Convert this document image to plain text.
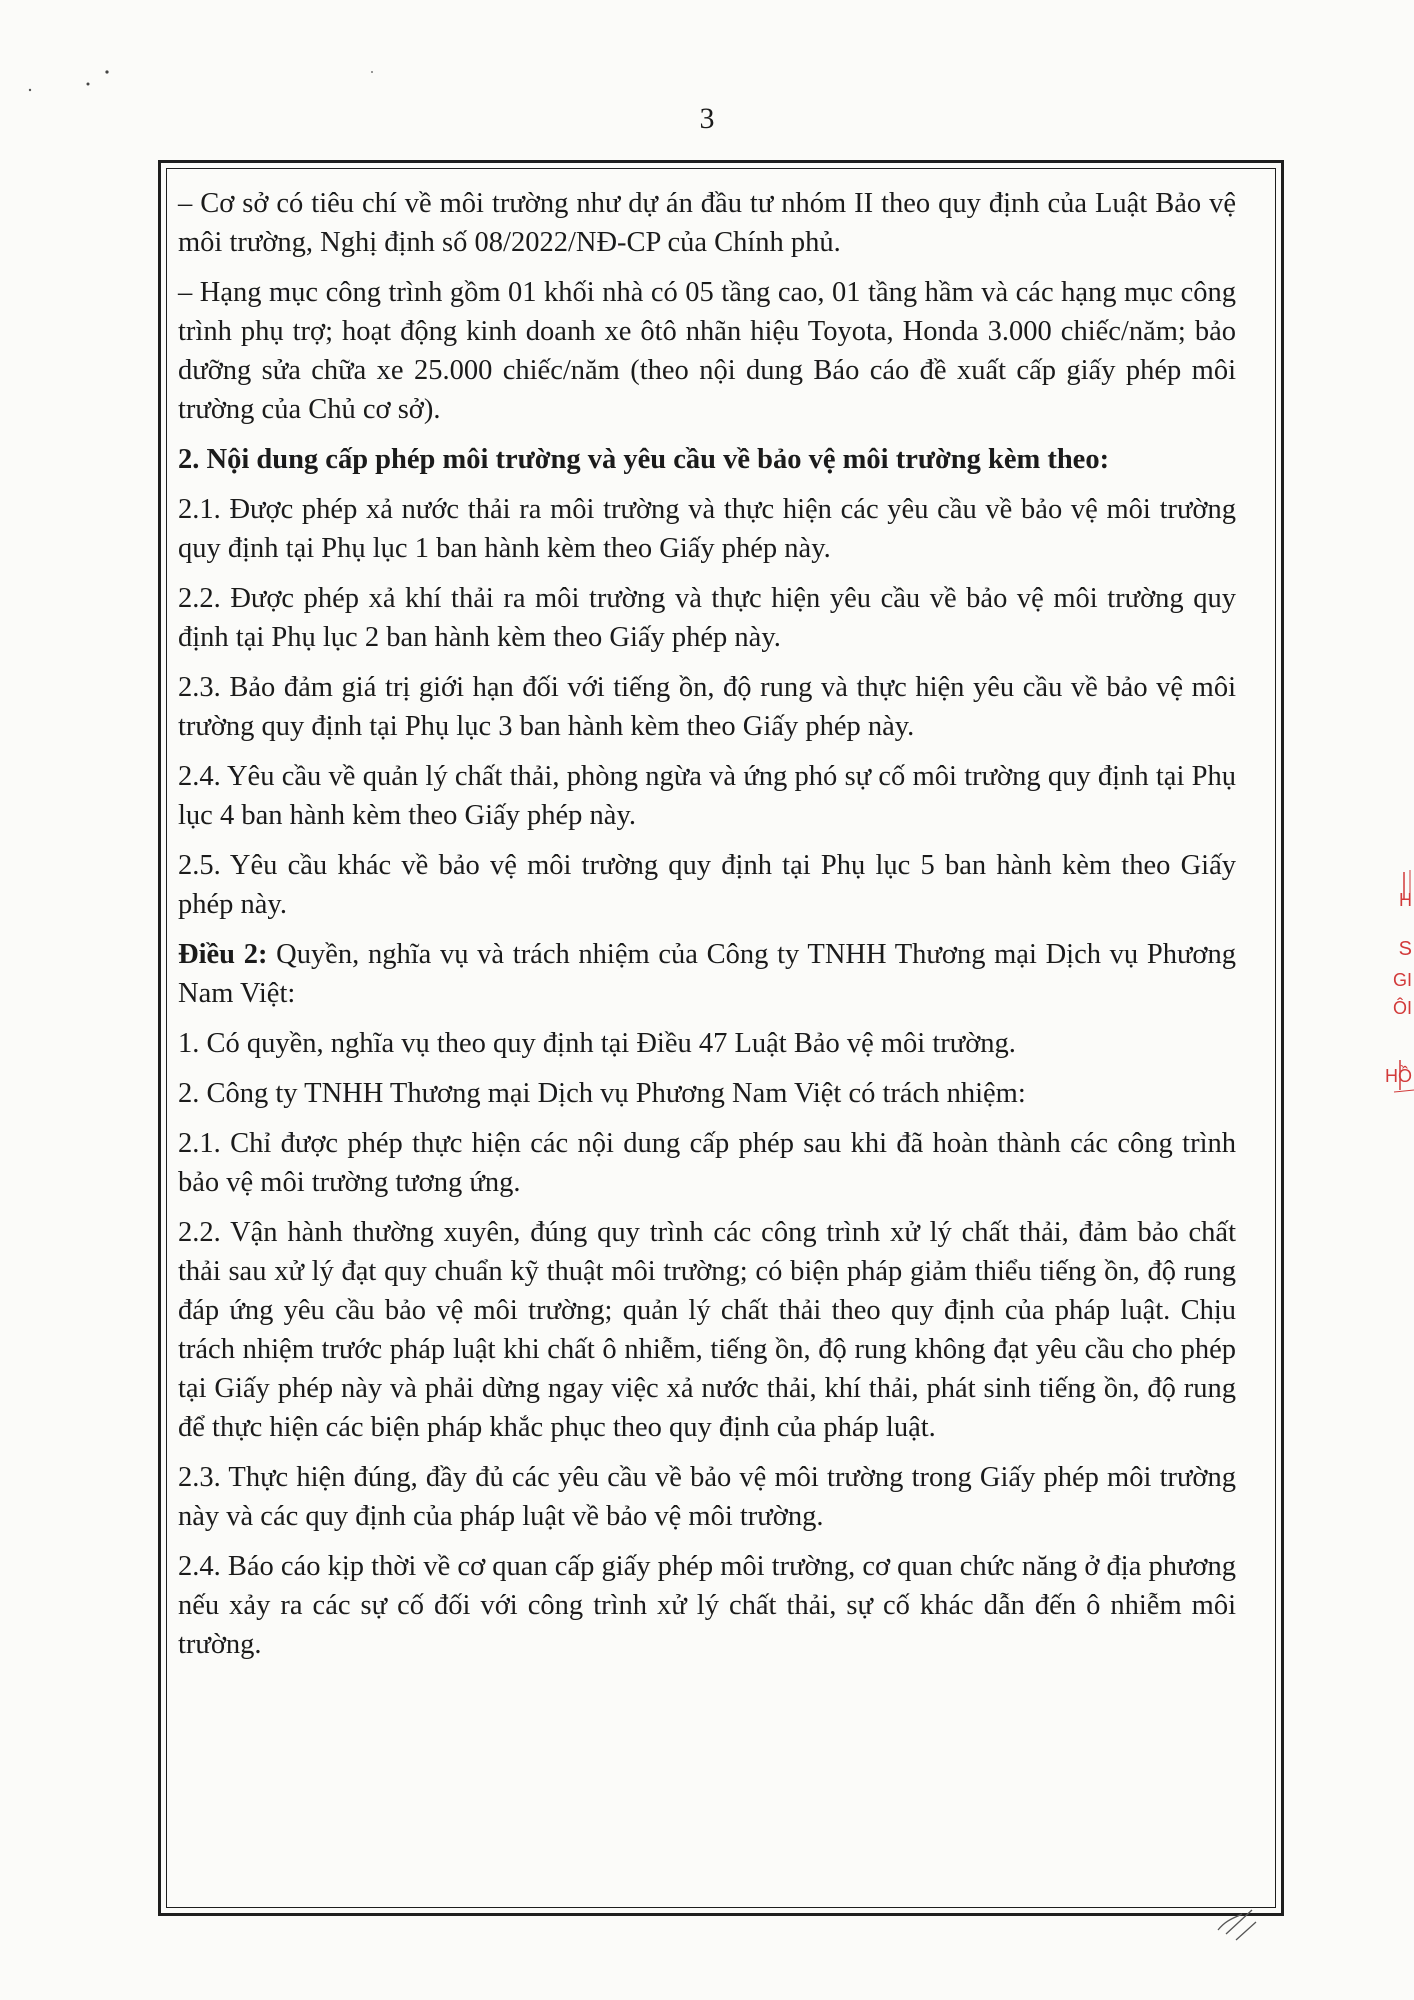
3

– Cơ sở có tiêu chí về môi trường như dự án đầu tư nhóm II theo quy định của Luật Bảo vệ môi trường, Nghị định số 08/2022/NĐ-CP của Chính phủ.

– Hạng mục công trình gồm 01 khối nhà có 05 tầng cao, 01 tầng hầm và các hạng mục công trình phụ trợ; hoạt động kinh doanh xe ôtô nhãn hiệu Toyota, Honda 3.000 chiếc/năm; bảo dưỡng sửa chữa xe 25.000 chiếc/năm (theo nội dung Báo cáo đề xuất cấp giấy phép môi trường của Chủ cơ sở).

2. Nội dung cấp phép môi trường và yêu cầu về bảo vệ môi trường kèm theo:

2.1. Được phép xả nước thải ra môi trường và thực hiện các yêu cầu về bảo vệ môi trường quy định tại Phụ lục 1 ban hành kèm theo Giấy phép này.

2.2. Được phép xả khí thải ra môi trường và thực hiện yêu cầu về bảo vệ môi trường quy định tại Phụ lục 2 ban hành kèm theo Giấy phép này.

2.3. Bảo đảm giá trị giới hạn đối với tiếng ồn, độ rung và thực hiện yêu cầu về bảo vệ môi trường quy định tại Phụ lục 3 ban hành kèm theo Giấy phép này.

2.4. Yêu cầu về quản lý chất thải, phòng ngừa và ứng phó sự cố môi trường quy định tại Phụ lục 4 ban hành kèm theo Giấy phép này.

2.5. Yêu cầu khác về bảo vệ môi trường quy định tại Phụ lục 5 ban hành kèm theo Giấy phép này.

Điều 2: Quyền, nghĩa vụ và trách nhiệm của Công ty TNHH Thương mại Dịch vụ Phương Nam Việt:

1. Có quyền, nghĩa vụ theo quy định tại Điều 47 Luật Bảo vệ môi trường.

2. Công ty TNHH Thương mại Dịch vụ Phương Nam Việt có trách nhiệm:

2.1. Chỉ được phép thực hiện các nội dung cấp phép sau khi đã hoàn thành các công trình bảo vệ môi trường tương ứng.

2.2. Vận hành thường xuyên, đúng quy trình các công trình xử lý chất thải, đảm bảo chất thải sau xử lý đạt quy chuẩn kỹ thuật môi trường; có biện pháp giảm thiểu tiếng ồn, độ rung đáp ứng yêu cầu bảo vệ môi trường; quản lý chất thải theo quy định của pháp luật. Chịu trách nhiệm trước pháp luật khi chất ô nhiễm, tiếng ồn, độ rung không đạt yêu cầu cho phép tại Giấy phép này và phải dừng ngay việc xả nước thải, khí thải, phát sinh tiếng ồn, độ rung để thực hiện các biện pháp khắc phục theo quy định của pháp luật.

2.3. Thực hiện đúng, đầy đủ các yêu cầu về bảo vệ môi trường trong Giấy phép môi trường này và các quy định của pháp luật về bảo vệ môi trường.

2.4. Báo cáo kịp thời về cơ quan cấp giấy phép môi trường, cơ quan chức năng ở địa phương nếu xảy ra các sự cố đối với công trình xử lý chất thải, sự cố khác dẫn đến ô nhiễm môi trường.

H
S
GI
ÔI
HỒ
